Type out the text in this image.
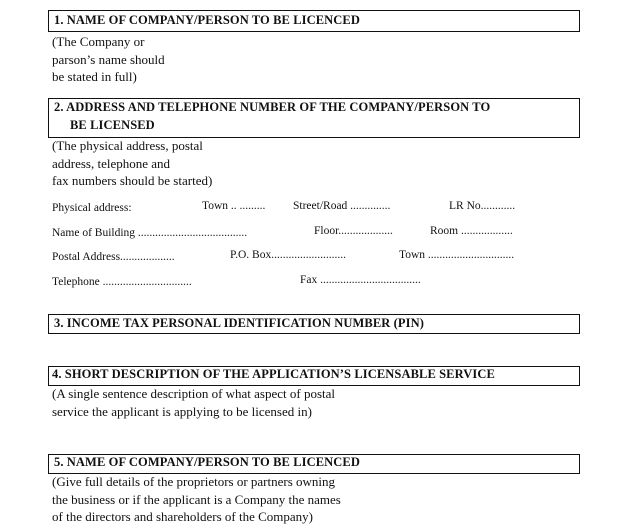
1. NAME OF COMPANY/PERSON TO BE LICENCED
(The Company or
parson’s name should
be stated in full)
2. ADDRESS AND TELEPHONE NUMBER OF THE COMPANY/PERSON TO
BE LICENSED
(The physical address, postal
address, telephone and
fax numbers should be started)
Physical address:	Town .. ......... Street/Road ..............	LR No............
Name of Building ......................................	Floor...................	Room ..................
Postal Address...................	P.O. Box..........................	Town ..............................
Telephone ...............................	Fax ...................................
3. INCOME TAX PERSONAL IDENTIFICATION NUMBER (PIN)
4. SHORT DESCRIPTION OF THE APPLICATION’S LICENSABLE SERVICE
(A single sentence description of what aspect of postal
service the applicant is applying to be licensed in)
5. NAME OF COMPANY/PERSON TO BE LICENCED
(Give full details of the proprietors or partners owning
the business or if the applicant is a Company the names
of the directors and shareholders of the Company)
